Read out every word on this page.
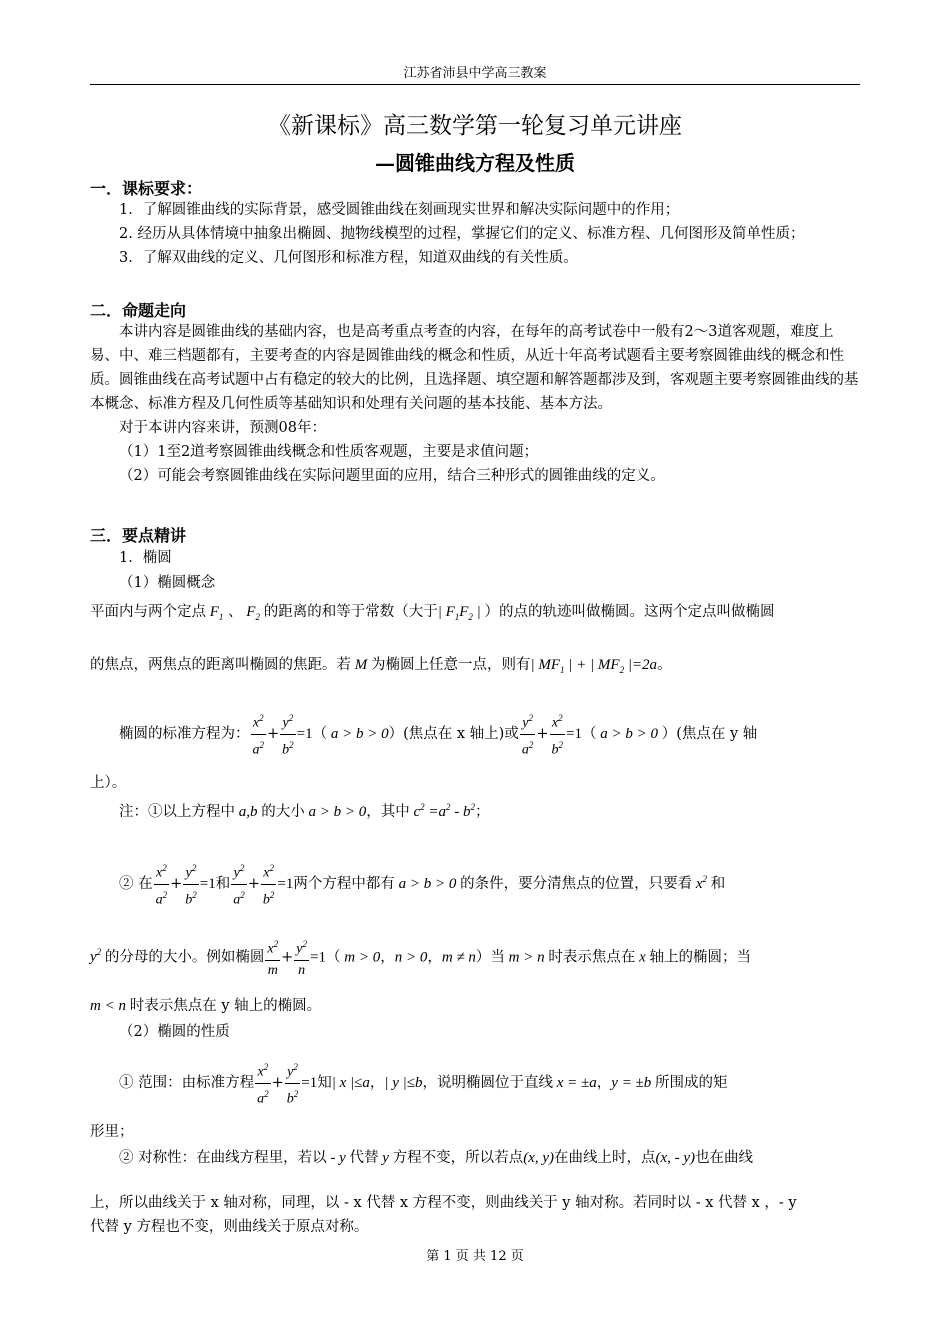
江苏省沛县中学高三教案
《新课标》高三数学第一轮复习单元讲座
—圆锥曲线方程及性质
一．课标要求：
1．了解圆锥曲线的实际背景，感受圆锥曲线在刻画现实世界和解决实际问题中的作用；
2. 经历从具体情境中抽象出椭圆、抛物线模型的过程，掌握它们的定义、标准方程、几何图形及简单性质；
3．了解双曲线的定义、几何图形和标准方程，知道双曲线的有关性质。
二．命题走向
本讲内容是圆锥曲线的基础内容，也是高考重点考查的内容，在每年的高考试卷中一般有2～3道客观题，难度上易、中、难三档题都有，主要考查的内容是圆锥曲线的概念和性质，从近十年高考试题看主要考察圆锥曲线的概念和性质。圆锥曲线在高考试题中占有稳定的较大的比例，且选择题、填空题和解答题都涉及到，客观题主要考察圆锥曲线的基本概念、标准方程及几何性质等基础知识和处理有关问题的基本技能、基本方法。
对于本讲内容来讲，预测08年：
（1）1至2道考察圆锥曲线概念和性质客观题，主要是求值问题；
（2）可能会考察圆锥曲线在实际问题里面的应用，结合三种形式的圆锥曲线的定义。
三．要点精讲
1．椭圆
（1）椭圆概念
平面内与两个定点 $F_1$ 、 $F_2$ 的距离的和等于常数（大于| $F_1F_2$ | ）的点的轨迹叫做椭圆。这两个定点叫做椭圆
的焦点，两焦点的距离叫椭圆的焦距。若 M 为椭圆上任意一点，则有| $MF_1$ | + | $MF_2$ |=2a。
椭圆的标准方程为： $\frac{x^2}{a^2} + \frac{y^2}{b^2} =1$（ a > b > 0）(焦点在 x 轴上)或 $\frac{y^2}{a^2} + \frac{x^2}{b^2} =1$（ a > b > 0 ）(焦点在 y 轴
上）。
注：①以上方程中 a,b 的大小 a > b > 0，其中 $c^2 =a^2 - b^2$；
② 在 $\frac{x^2}{a^2} + \frac{y^2}{b^2} =1$和 $\frac{y^2}{a^2} + \frac{x^2}{b^2} =1$两个方程中都有 a > b > 0 的条件，要分清焦点的位置，只要看 $x^2$ 和
$y^2$ 的分母的大小。例如椭圆 $\frac{x^2}{m} + \frac{y^2}{n} =1$（ m > 0，n > 0，m ≠ n）当 m > n 时表示焦点在 x 轴上的椭圆；当
m < n 时表示焦点在 y 轴上的椭圆。
（2）椭圆的性质
① 范围：由标准方程 $\frac{x^2}{a^2} + \frac{y^2}{b^2} =1$知| x |≤a，| y |≤b，说明椭圆位于直线 x = ±a，y = ±b 所围成的矩
形里；
② 对称性：在曲线方程里，若以 - y 代替 y 方程不变，所以若点(x, y)在曲线上时，点(x, - y)也在曲线
上，所以曲线关于 x 轴对称，同理，以 - x 代替 x 方程不变，则曲线关于 y 轴对称。若同时以 - x 代替 x ，- y
代替 y 方程也不变，则曲线关于原点对称。
第 1 页 共 12 页
